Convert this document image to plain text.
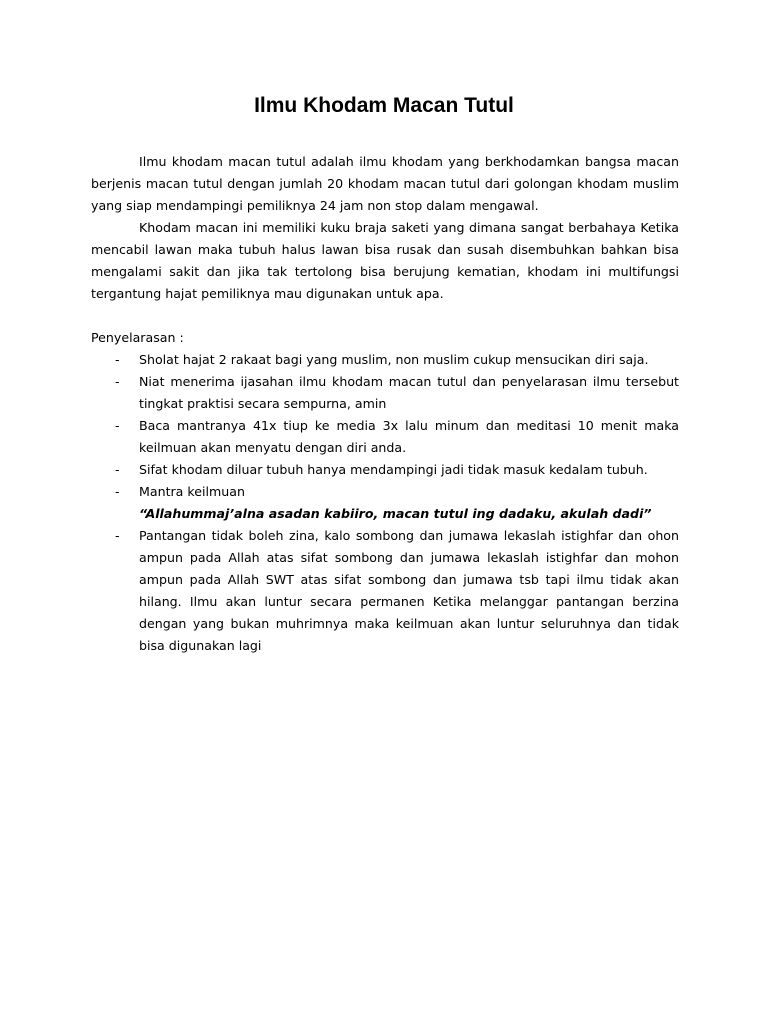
Ilmu Khodam Macan Tutul

Ilmu khodam macan tutul adalah ilmu khodam yang berkhodamkan bangsa macan berjenis macan tutul dengan jumlah 20 khodam macan tutul dari golongan khodam muslim yang siap mendampingi pemiliknya 24 jam non stop dalam mengawal.

Khodam macan ini memiliki kuku braja saketi yang dimana sangat berbahaya Ketika mencabil lawan maka tubuh halus lawan bisa rusak dan susah disembuhkan bahkan bisa mengalami sakit dan jika tak tertolong bisa berujung kematian, khodam ini multifungsi tergantung hajat pemiliknya mau digunakan untuk apa.

Penyelarasan :

- Sholat hajat 2 rakaat bagi yang muslim, non muslim cukup mensucikan diri saja.
- Niat menerima ijasahan ilmu khodam macan tutul dan penyelarasan ilmu tersebut tingkat praktisi secara sempurna, amin
- Baca mantranya 41x tiup ke media 3x lalu minum dan meditasi 10 menit maka keilmuan akan menyatu dengan diri anda.
- Sifat khodam diluar tubuh hanya mendampingi jadi tidak masuk kedalam tubuh.
- Mantra keilmuan
“Allahummaj’alna asadan kabiiro, macan tutul ing dadaku, akulah dadi”
- Pantangan tidak boleh zina, kalo sombong dan jumawa lekaslah istighfar dan ohon ampun pada Allah atas sifat sombong dan jumawa lekaslah istighfar dan mohon ampun pada Allah SWT atas sifat sombong dan jumawa tsb tapi ilmu tidak akan hilang. Ilmu akan luntur secara permanen Ketika melanggar pantangan berzina dengan yang bukan muhrimnya maka keilmuan akan luntur seluruhnya dan tidak bisa digunakan lagi
